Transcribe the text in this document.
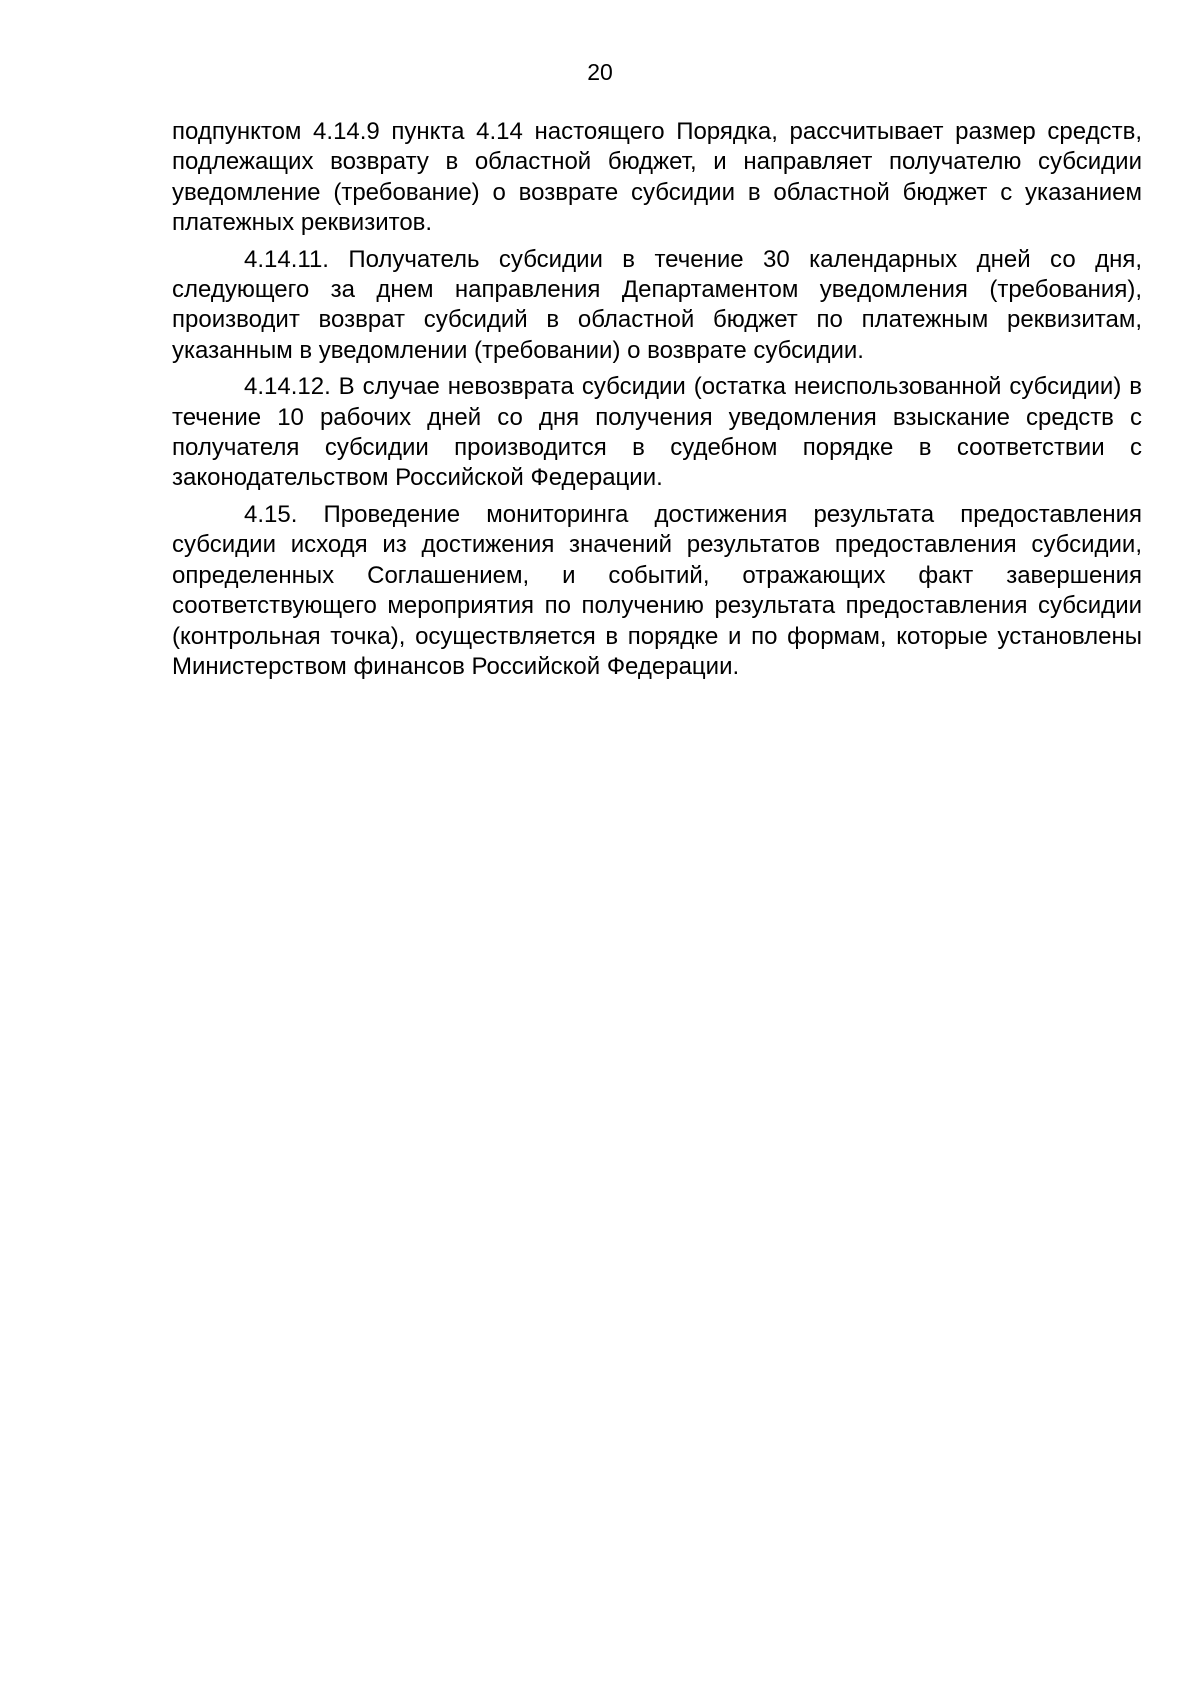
20

подпунктом 4.14.9 пункта 4.14 настоящего Порядка, рассчитывает размер средств, подлежащих возврату в областной бюджет, и направляет получателю субсидии уведомление (требование) о возврате субсидии в областной бюджет с указанием платежных реквизитов.

4.14.11. Получатель субсидии в течение 30 календарных дней со дня, следующего за днем направления Департаментом уведомления (требования), производит возврат субсидий в областной бюджет по платежным реквизитам, указанным в уведомлении (требовании) о возврате субсидии.

4.14.12. В случае невозврата субсидии (остатка неиспользованной субсидии) в течение 10 рабочих дней со дня получения уведомления взыскание средств с получателя субсидии производится в судебном порядке в соответствии с законодательством Российской Федерации.

4.15. Проведение мониторинга достижения результата предоставления субсидии исходя из достижения значений результатов предоставления субсидии, определенных Соглашением, и событий, отражающих факт завершения соответствующего мероприятия по получению результата предоставления субсидии (контрольная точка), осуществляется в порядке и по формам, которые установлены Министерством финансов Российской Федерации.
